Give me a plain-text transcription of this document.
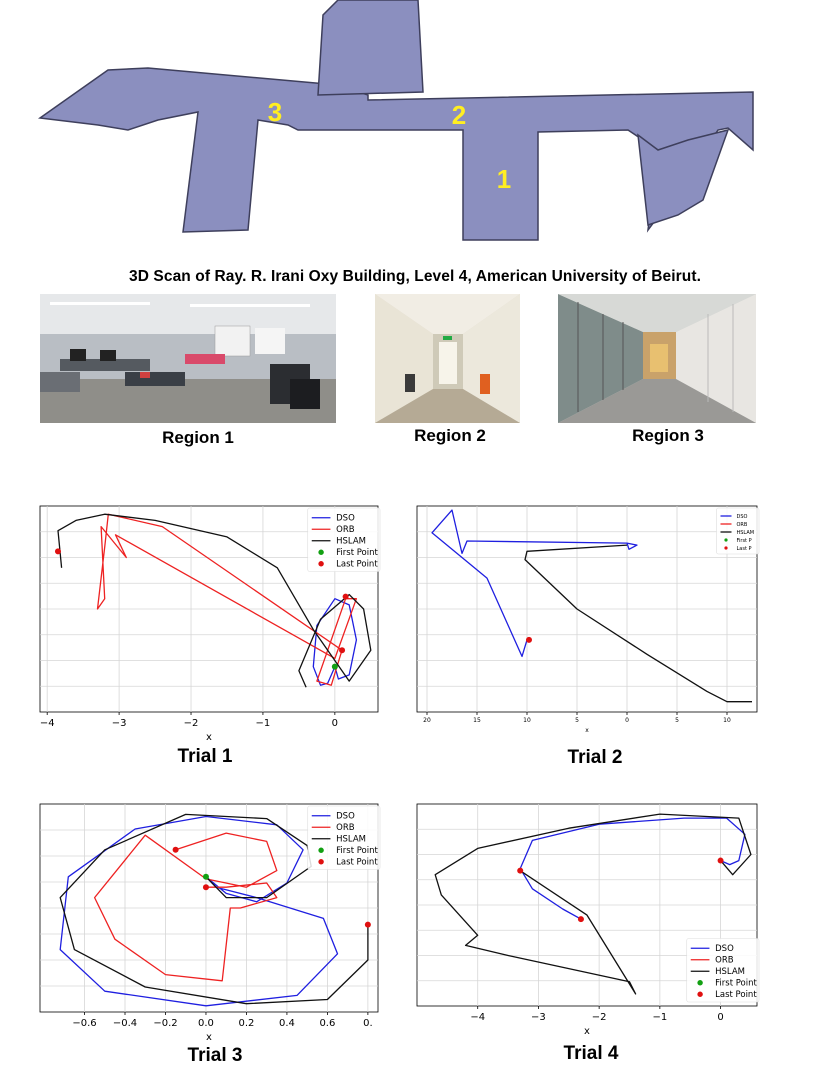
1
2
3
3D Scan of Ray. R. Irani Oxy Building, Level 4, American University of Beirut.
Region 1	Region 2	Region 3
−4	−3	−2	−1	0
x
DSO
ORB
HSLAM
First Point
Last Point
20	15	10	5	0	5	10
x
DSO
ORB
HSLAM
First P
Last P
−0.6 −0.4 −0.2 0.0 0.2 0.4 0.6	0.
x
DSO
ORB
HSLAM
First Point
Last Point
−4	−3	−2	−1	0
x
DSO
ORB
HSLAM
First Point
Last Point
Trial 1	Trial 2
Trial 3	Trial 4
